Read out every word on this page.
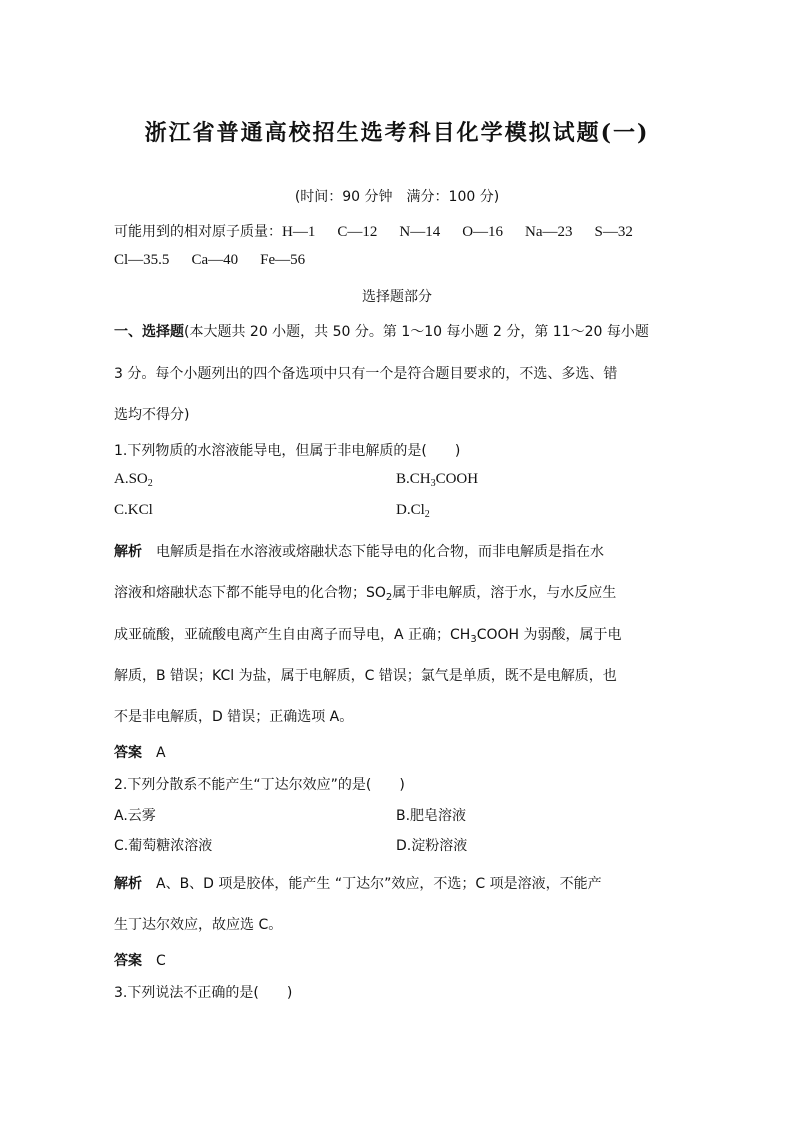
浙江省普通高校招生选考科目化学模拟试题(一)
(时间：90 分钟　满分：100 分)
可能用到的相对原子质量：H—1 C—12 N—14 O—16 Na—23 S—32
Cl—35.5 Ca—40 Fe—56
选择题部分
一、选择题(本大题共 20 小题，共 50 分。第 1～10 每小题 2 分，第 11～20 每小题
3 分。每个小题列出的四个备选项中只有一个是符合题目要求的，不选、多选、错
选均不得分)
1.下列物质的水溶液能导电，但属于非电解质的是(　　)
$A.SO_2$	$B.CH_3COOH$
C.KCl	$D.Cl_2$
解析 电解质是指在水溶液或熔融状态下能导电的化合物，而非电解质是指在水
溶液和熔融状态下都不能导电的化合物；$SO_2$属于非电解质，溶于水，与水反应生
成亚硫酸，亚硫酸电离产生自由离子而导电，A 正确；$CH_3COOH$ 为弱酸，属于电
解质，B 错误；KCl 为盐，属于电解质，C 错误；氯气是单质，既不是电解质，也
不是非电解质，D 错误；正确选项 A。
答案 A
2.下列分散系不能产生“丁达尔效应”的是(　　)
A.云雾	B.肥皂溶液
C.葡萄糖浓溶液	D.淀粉溶液
解析 A、B、D 项是胶体，能产生 “丁达尔”效应，不选；C 项是溶液，不能产
生丁达尔效应，故应选 C。
答案 C
3.下列说法不正确的是(　　)
